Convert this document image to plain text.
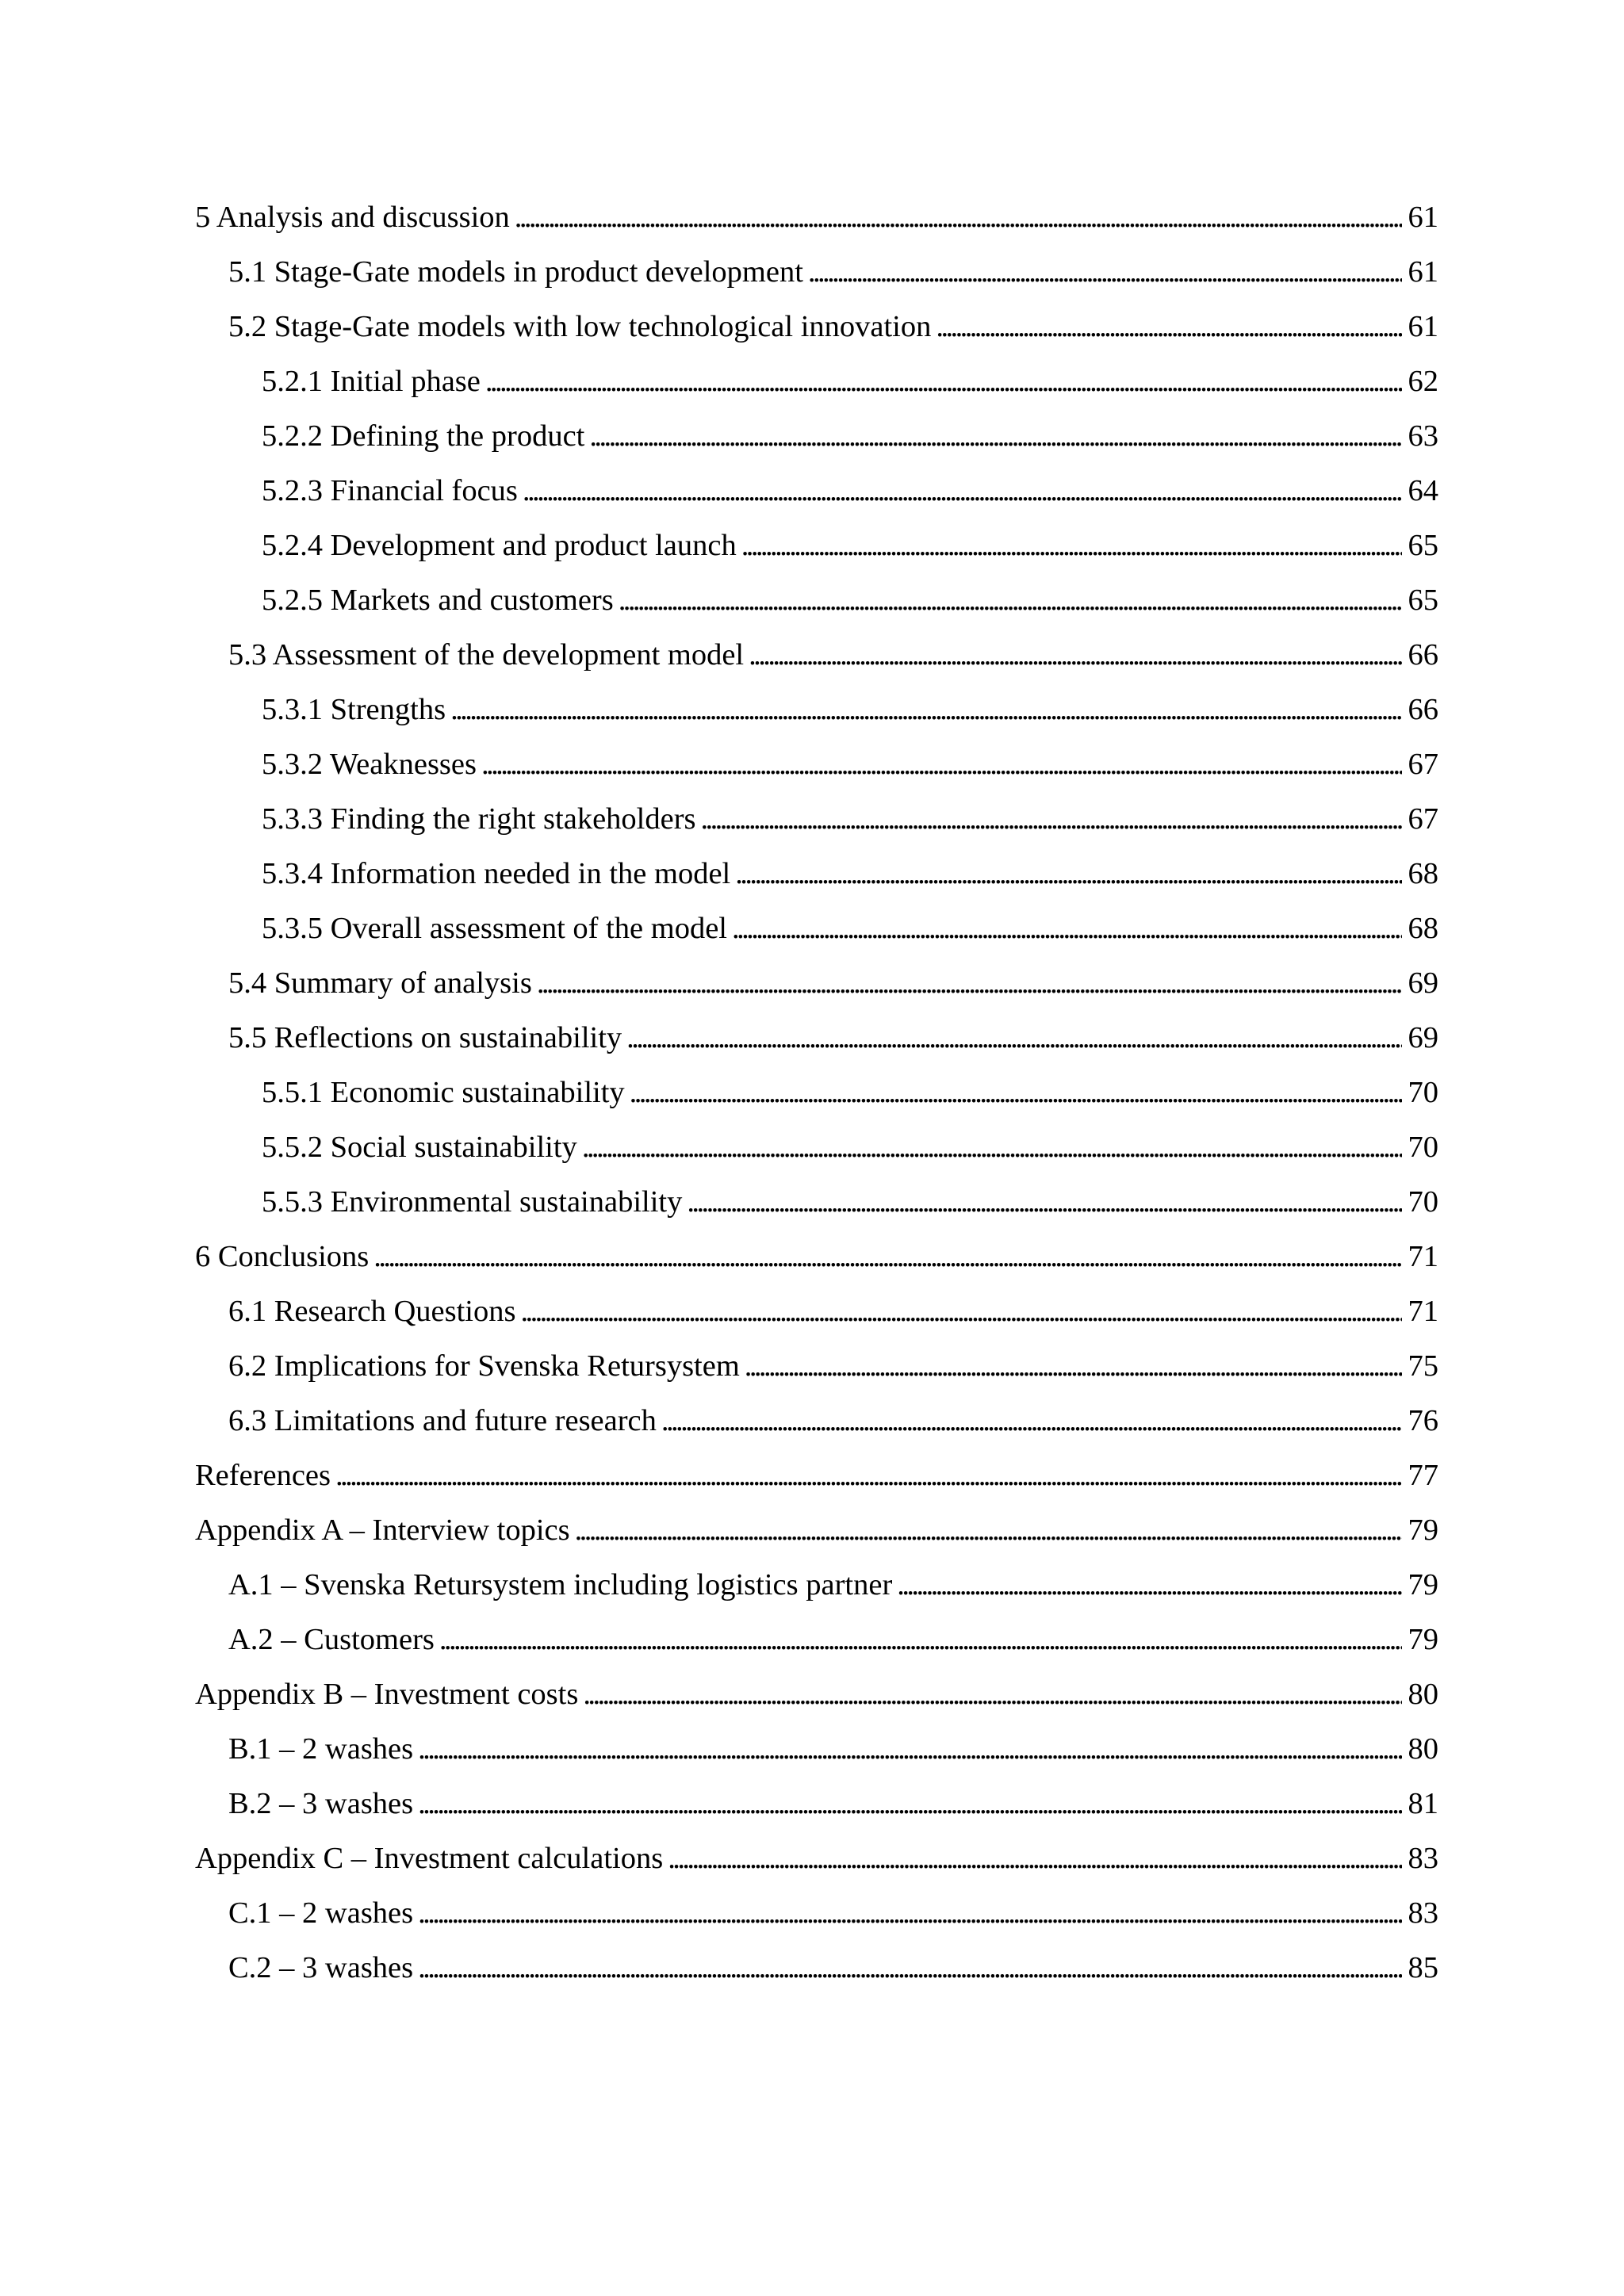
5 Analysis and discussion . . .	61
5.1 Stage-Gate models in product development . . .	61
5.2 Stage-Gate models with low technological innovation . . .	61
5.2.1 Initial phase . . .	62
5.2.2 Defining the product . . .	63
5.2.3 Financial focus . . .	64
5.2.4 Development and product launch . . .	65
5.2.5 Markets and customers . . .	65
5.3 Assessment of the development model . . .	66
5.3.1 Strengths . . .	66
5.3.2 Weaknesses . . .	67
5.3.3 Finding the right stakeholders . . .	67
5.3.4 Information needed in the model . . .	68
5.3.5 Overall assessment of the model . . .	68
5.4 Summary of analysis . . .	69
5.5 Reflections on sustainability . . .	69
5.5.1 Economic sustainability . . .	70
5.5.2 Social sustainability . . .	70
5.5.3 Environmental sustainability . . .	70
6 Conclusions . . .	71
6.1 Research Questions . . .	71
6.2 Implications for Svenska Retursystem . . .	75
6.3 Limitations and future research . . .	76
References . . .	77
Appendix A – Interview topics . . .	79
A.1 – Svenska Retursystem including logistics partner . . .	79
A.2 – Customers . . .	79
Appendix B – Investment costs . . .	80
B.1 – 2 washes . . .	80
B.2 – 3 washes . . .	81
Appendix C – Investment calculations . . .	83
C.1 – 2 washes . . .	83
C.2 – 3 washes . . .	85
